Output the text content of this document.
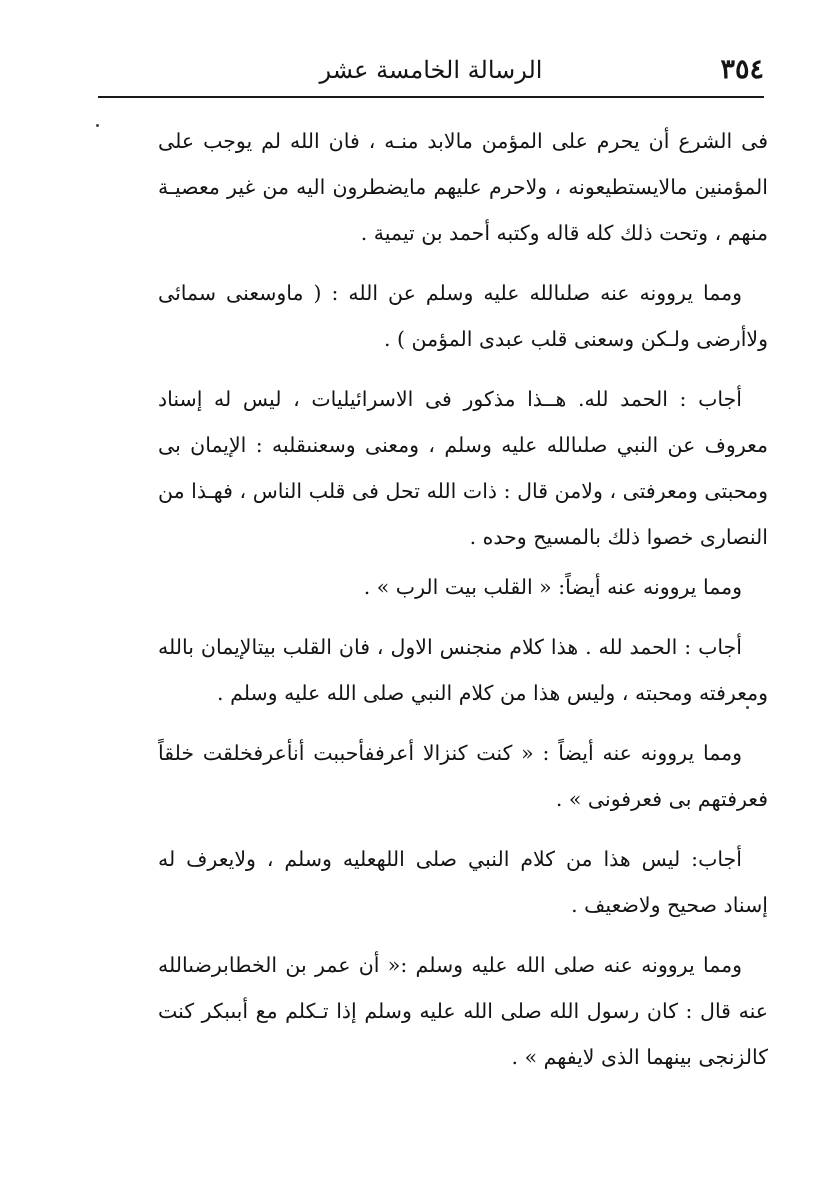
٣٥٤
الرسالة الخامسة عشر

فى الشرع أن يحرم على المؤمن مالابد منـه ، فان الله لم يوجب على المؤمنين مالايستطيعونه ، ولاحرم عليهم مايضطرون اليه من غير معصيـة منهم ، وتحت ذلك كله قاله وكتبه أحمد بن تيمية .

ومما يروونه عنه صلىالله عليه وسلم عن الله : ( ماوسعنى سمائى ولاأرضى ولـكن وسعنى قلب عبدى المؤمن ) .

أجاب : الحمد لله. هــذا مذكور فى الاسرائيليات ، ليس له إسناد معروف عن النبي صلىالله عليه وسلم ، ومعنى وسعنىقلبه : الإيمان بى ومحبتى ومعرفتى ، ولامن قال : ذات الله تحل فى قلب الناس ، فهـذا من النصارى خصوا ذلك بالمسيح وحده .

ومما يروونه عنه أيضاً: « القلب بيت الرب » .

أجاب : الحمد لله . هذا كلام منجنس الاول ، فان القلب بيتالإيمان بالله ومعرفته ومحبته ، وليس هذا من كلام النبي صلى الله عليه وسلم .

ومما يروونه عنه أيضاً : « كنت كنزالا أعرففأحببت أنأعرفخلقت خلقاً فعرفتهم بى فعرفونى » .

أجاب: ليس هذا من كلام النبي صلى اللهعليه وسلم ، ولايعرف له إسناد صحيح ولاضعيف .

ومما يروونه عنه صلى الله عليه وسلم :« أن عمر بن الخطابرضىالله عنه قال : كان رسول الله صلى الله عليه وسلم إذا تـكلم مع أبىبكر كنت كالزنجى بينهما الذى لايفهم » .
